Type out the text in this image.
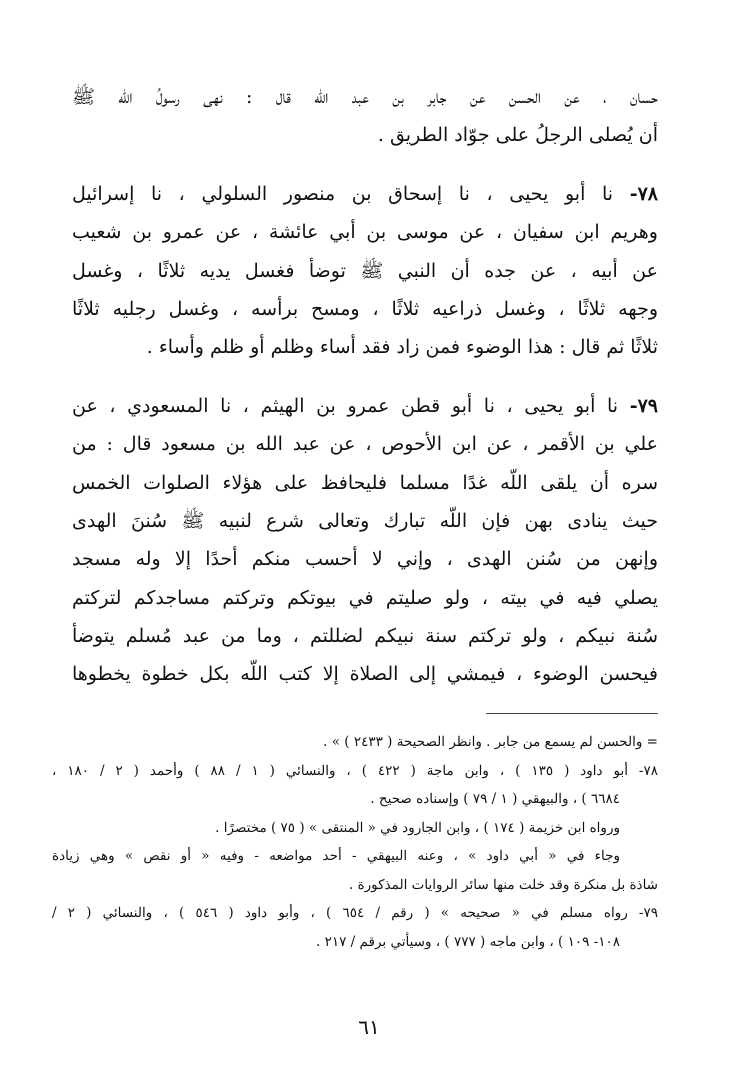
حسان ، عن الحسن عن جابر بن عبد الله قال : نهى رسولُ اللّه ﷺ
أن يُصلى الرجلُ على جوّاد الطريق .
٧٨- نا أبو يحيى ، نا إسحاق بن منصور السلولي ، نا إسرائيل
وهريم ابن سفيان ، عن موسى بن أبي عائشة ، عن عمرو بن شعيب
عن أبيه ، عن جده أن النبي ﷺ توضأ فغسل يديه ثلاثًا ، وغسل
وجهه ثلاثًا ، وغسل ذراعيه ثلاثًا ، ومسح برأسه ، وغسل رجليه ثلاثًا
ثلاثًا ثم قال : هذا الوضوء فمن زاد فقد أساء وظلم أو ظلم وأساء .
٧٩- نا أبو يحيى ، نا أبو قطن عمرو بن الهيثم ، نا المسعودي ، عن
علي بن الأقمر ، عن ابن الأحوص ، عن عبد الله بن مسعود قال : من
سره أن يلقى اللّه غدًا مسلما فليحافظ على هؤلاء الصلوات الخمس
حيث ينادى بهن فإن اللّه تبارك وتعالى شرع لنبيه ﷺ سُننَ الهدى
وإنهن من سُنن الهدى ، وإني لا أحسب منكم أحدًا إلا وله مسجد
يصلي فيه في بيته ، ولو صليتم في بيوتكم وتركتم مساجدكم لتركتم
سُنة نبيكم ، ولو تركتم سنة نبيكم لضللتم ، وما من عبد مُسلم يتوضأ
فيحسن الوضوء ، فيمشي إلى الصلاة إلا كتب اللّه بكل خطوة يخطوها
= والحسن لم يسمع من جابر . وانظر الصحيحة ( ٢٤٣٣ ) » .
٧٨- أبو داود ( ١٣٥ ) ، وابن ماجة ( ٤٢٢ ) ، والنسائي ( ١ / ٨٨ ) وأحمد ( ٢ / ١٨٠ ،
٦٦٨٤ ) ، والبيهقي ( ١ / ٧٩ ) وإسناده صحيح .
ورواه ابن خزيمة ( ١٧٤ ) ، وابن الجارود في « المنتقى » ( ٧٥ ) مختصرًا .
وجاء في « أبي داود » ، وعنه البيهقي - أحد مواضعه - وفيه « أو نقص » وهي زيادة
شاذة بل منكرة وقد خلت منها سائر الروايات المذكورة .
٧٩- رواه مسلم في « صحيحه » ( رقم / ٦٥٤ ) ، وأبو داود ( ٥٤٦ ) ، والنسائي ( ٢ /
١٠٨- ١٠٩ ) ، وابن ماجه ( ٧٧٧ ) ، وسيأتي برقم / ٢١٧ .
٦١
